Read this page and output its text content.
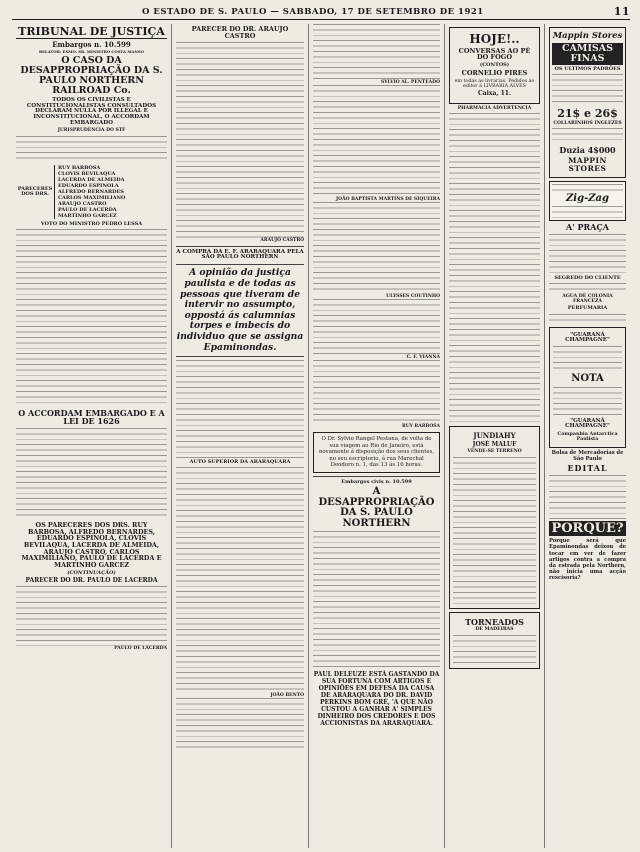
O ESTADO DE S. PAULO — SABBADO, 17 DE SETEMBRO DE 1921	11
TRIBUNAL DE JUSTIÇA
Embargos n. 10.599
RELATOR: EXMO. SR. MINISTRO COSTA MANSO
O CASO DA DESAPPROPRIAÇÃO DA S. PAULO NORTHERN RAILROAD Co.
TODOS OS CIVILISTAS E CONSTITUCIONALISTAS CONSULTADOS DECLARAM NULLA POR ILLEGAL E INCONSTITUCIONAL, O ACCORDAM EMBARGADO
JURISPRUDENCIA DO STF
PARECERES DOS DRS.
RUY BARBOSA
CLOVIS BEVILAQUA
LACERDA DE ALMEIDA
EDUARDO ESPINOLA
ALFREDO BERNARDES
CARLOS MAXIMILIANO
ARAUJO CASTRO
PAULO DE LACERDA
MARTINHO GARCEZ
VOTO DO MINISTRO PEDRO LESSA
O ACCORDAM EMBARGADO E A LEI DE 1626
OS PARECERES DOS DRS. RUY BARBOSA, ALFREDO BERNARDES, EDUARDO ESPINOLA, CLOVIS BEVILAQUA, LACERDA DE ALMEIDA, ARAUJO CASTRO, CARLOS MAXIMILIANO, PAULO DE LACERDA E MARTINHO GARCEZ
(CONTINUAÇÃO)
PARECER DO DR. PAULO DE LACERDA
PAULO DE LACERDA
PARECER DO DR. ARAUJO CASTRO
ARAUJO CASTRO
A COMPRA DA E. F. ARARAQUARA PELA SÃO PAULO NORTHERN
A opinião da justiça paulista e de todas as pessoas que tiveram de intervir no assumpto, oppostá ás calumnias torpes e imbecis do individuo que se assigna Epaminondas.
AUTO SUPERIOR DA ARARAQUARA
JOÃO BENTO
SYLVIO AL. PENTEADO
JOÃO BAPTISTA MARTINS DE SIQUEIRA
ULYSSES COUTINHO
C. F. VIANNA
RUY BARBOSA
O Dr. Sylvio Rangel Pestana, de volta de sua viagem ao Rio de Janeiro, está novamente á disposição dos seus clientes, no seu escriptorio, á rua Marechal Deodoro n. 1, das 13 ás 16 horas.
Embargos civis n. 10.599
A DESAPPROPRIAÇÃO DA S. PAULO NORTHERN
PAUL DELEUZE ESTÁ GASTANDO DA SUA FORTUNA COM ARTIGOS E OPINIÕES EM DEFESA DA CAUSA DE ARARAQUARA DO DR. DAVID PERKINS BOM GRÉ, 'A QUE NÃO CUSTOU A GANHAR A' SIMPLES DINHEIRO DOS CREDORES E DOS ACCIONISTAS DA ARARAQUARA.
HOJE!..
CONVERSAS AO PÉ DO FOGO
(CONTOS)
CORNELIO PIRES
em todas as livrarias. Pedidos ao editor á LIVRARIA ALVES
Caixa, 11.
PHARMACIA ADVERTENCIA
JUNDIAHY
JOSÉ MALUF
VENDE-SE TERRENO
TORNEADOS
DE MADEIRAS
Mappin Stores
CAMISAS FINAS
OS ULTIMOS PADRÕES
21$ e 26$
COLLARINHOS INGLEZES
Duzia 4$000
MAPPIN STORES
Zig-Zag
A' PRAÇA
SEGREDO DO CLIENTE
AGUA DE COLONIA FRANCEZA
PERFUMARIA
"GUARANÁ CHAMPAGNE"
NOTA
"GUARANÁ CHAMPAGNE"
Companhia Antarctica Paulista
Bolsa de Mercadorias de São Paulo
EDITAL
PORQUE?
Porque será que Epaminondas deixou de tocar em ver de fazer artigos contra a compra da estrada pela Northern, não inicia uma acção rescisoria?
